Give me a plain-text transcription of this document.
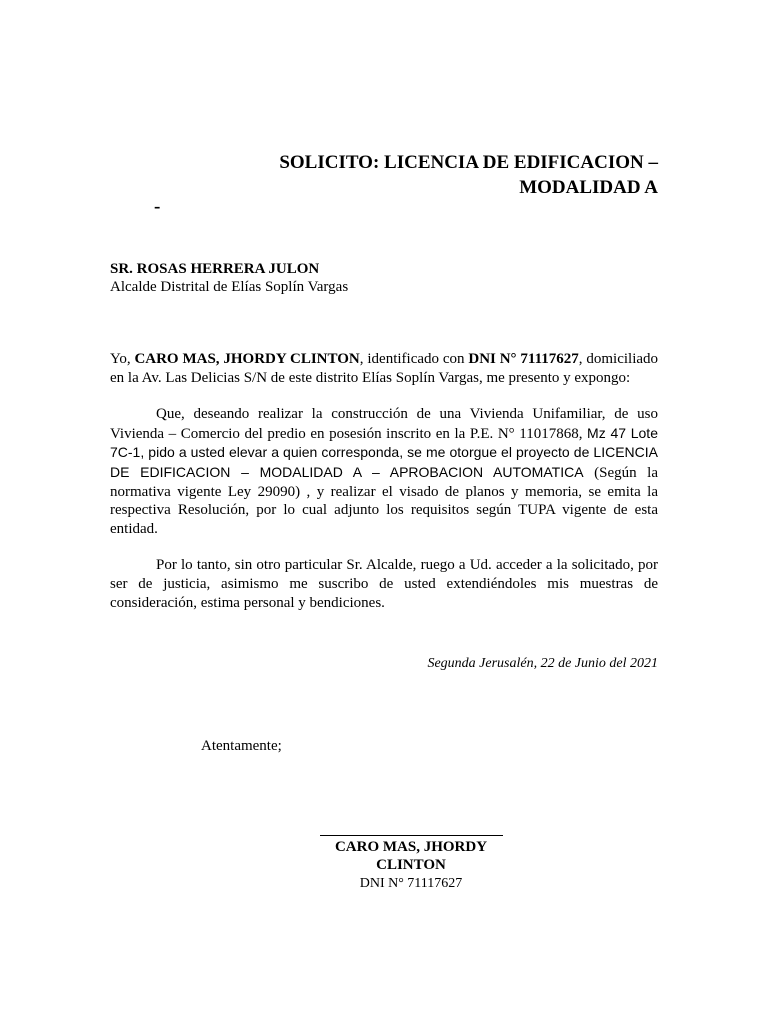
SOLICITO: LICENCIA DE EDIFICACION –
MODALIDAD A
-
SR. ROSAS HERRERA JULON
Alcalde Distrital de Elías Soplín Vargas

Yo, CARO MAS, JHORDY CLINTON, identificado con DNI N° 71117627, domiciliado en la Av. Las Delicias S/N de este distrito Elías Soplín Vargas, me presento y expongo:

Que, deseando realizar la construcción de una Vivienda Unifamiliar, de uso Vivienda – Comercio del predio en posesión inscrito en la P.E. N° 11017868, Mz 47 Lote 7C-1, pido a usted elevar a quien corresponda, se me otorgue el proyecto de LICENCIA DE EDIFICACION – MODALIDAD A – APROBACION AUTOMATICA (Según la normativa vigente Ley 29090) , y realizar el visado de planos y memoria, se emita la respectiva Resolución, por lo cual adjunto los requisitos según TUPA vigente de esta entidad.

Por lo tanto, sin otro particular Sr. Alcalde, ruego a Ud. acceder a la solicitado, por ser de justicia, asimismo me suscribo de usted extendiéndoles mis muestras de consideración, estima personal y bendiciones.

Segunda Jerusalén, 22 de Junio del 2021
Atentamente;
CARO MAS, JHORDY
CLINTON
DNI N° 71117627
